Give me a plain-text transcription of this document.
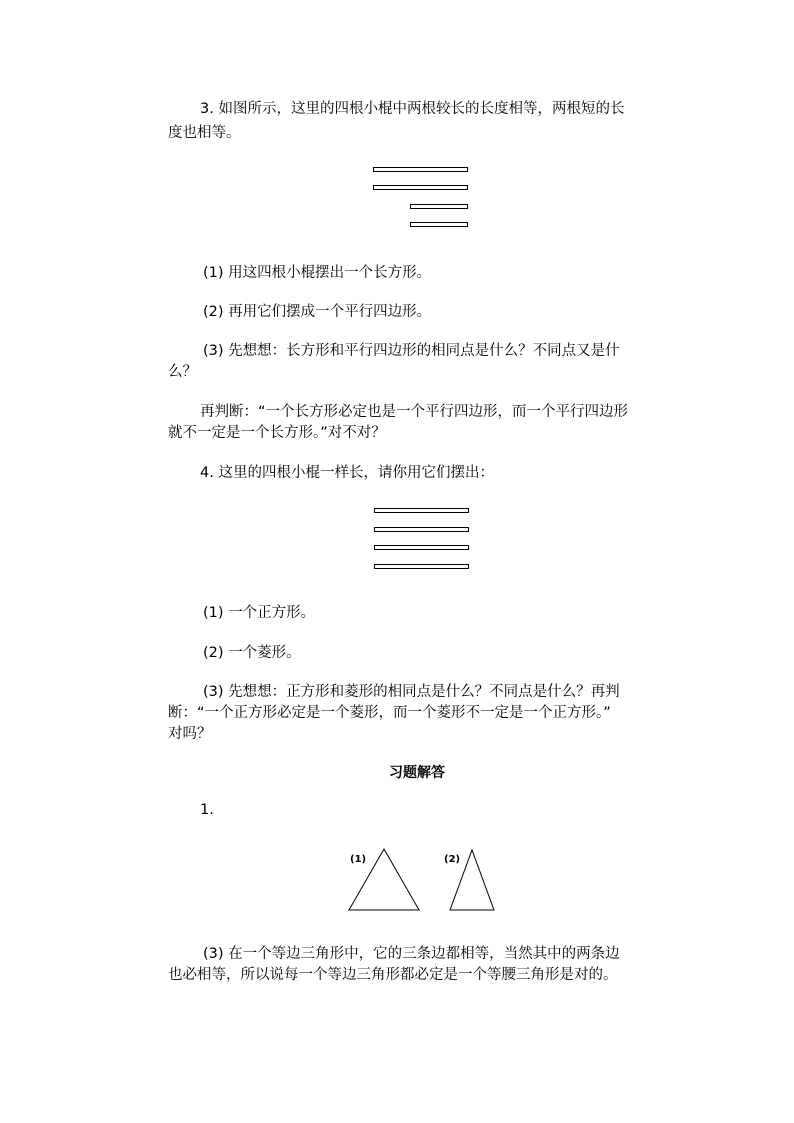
3. 如图所示，这里的四根小棍中两根较长的长度相等，两根短的长
度也相等。
(1) 用这四根小棍摆出一个长方形。
(2) 再用它们摆成一个平行四边形。
(3) 先想想：长方形和平行四边形的相同点是什么？不同点又是什
么？
再判断：“一个长方形必定也是一个平行四边形，而一个平行四边形
就不一定是一个长方形。”对不对？
4. 这里的四根小棍一样长，请你用它们摆出：
(1) 一个正方形。
(2) 一个菱形。
(3) 先想想：正方形和菱形的相同点是什么？不同点是什么？再判
断：“一个正方形必定是一个菱形，而一个菱形不一定是一个正方形。”
对吗？
习题解答
1.
(1)	(2)
(3) 在一个等边三角形中，它的三条边都相等，当然其中的两条边
也必相等，所以说每一个等边三角形都必定是一个等腰三角形是对的。
